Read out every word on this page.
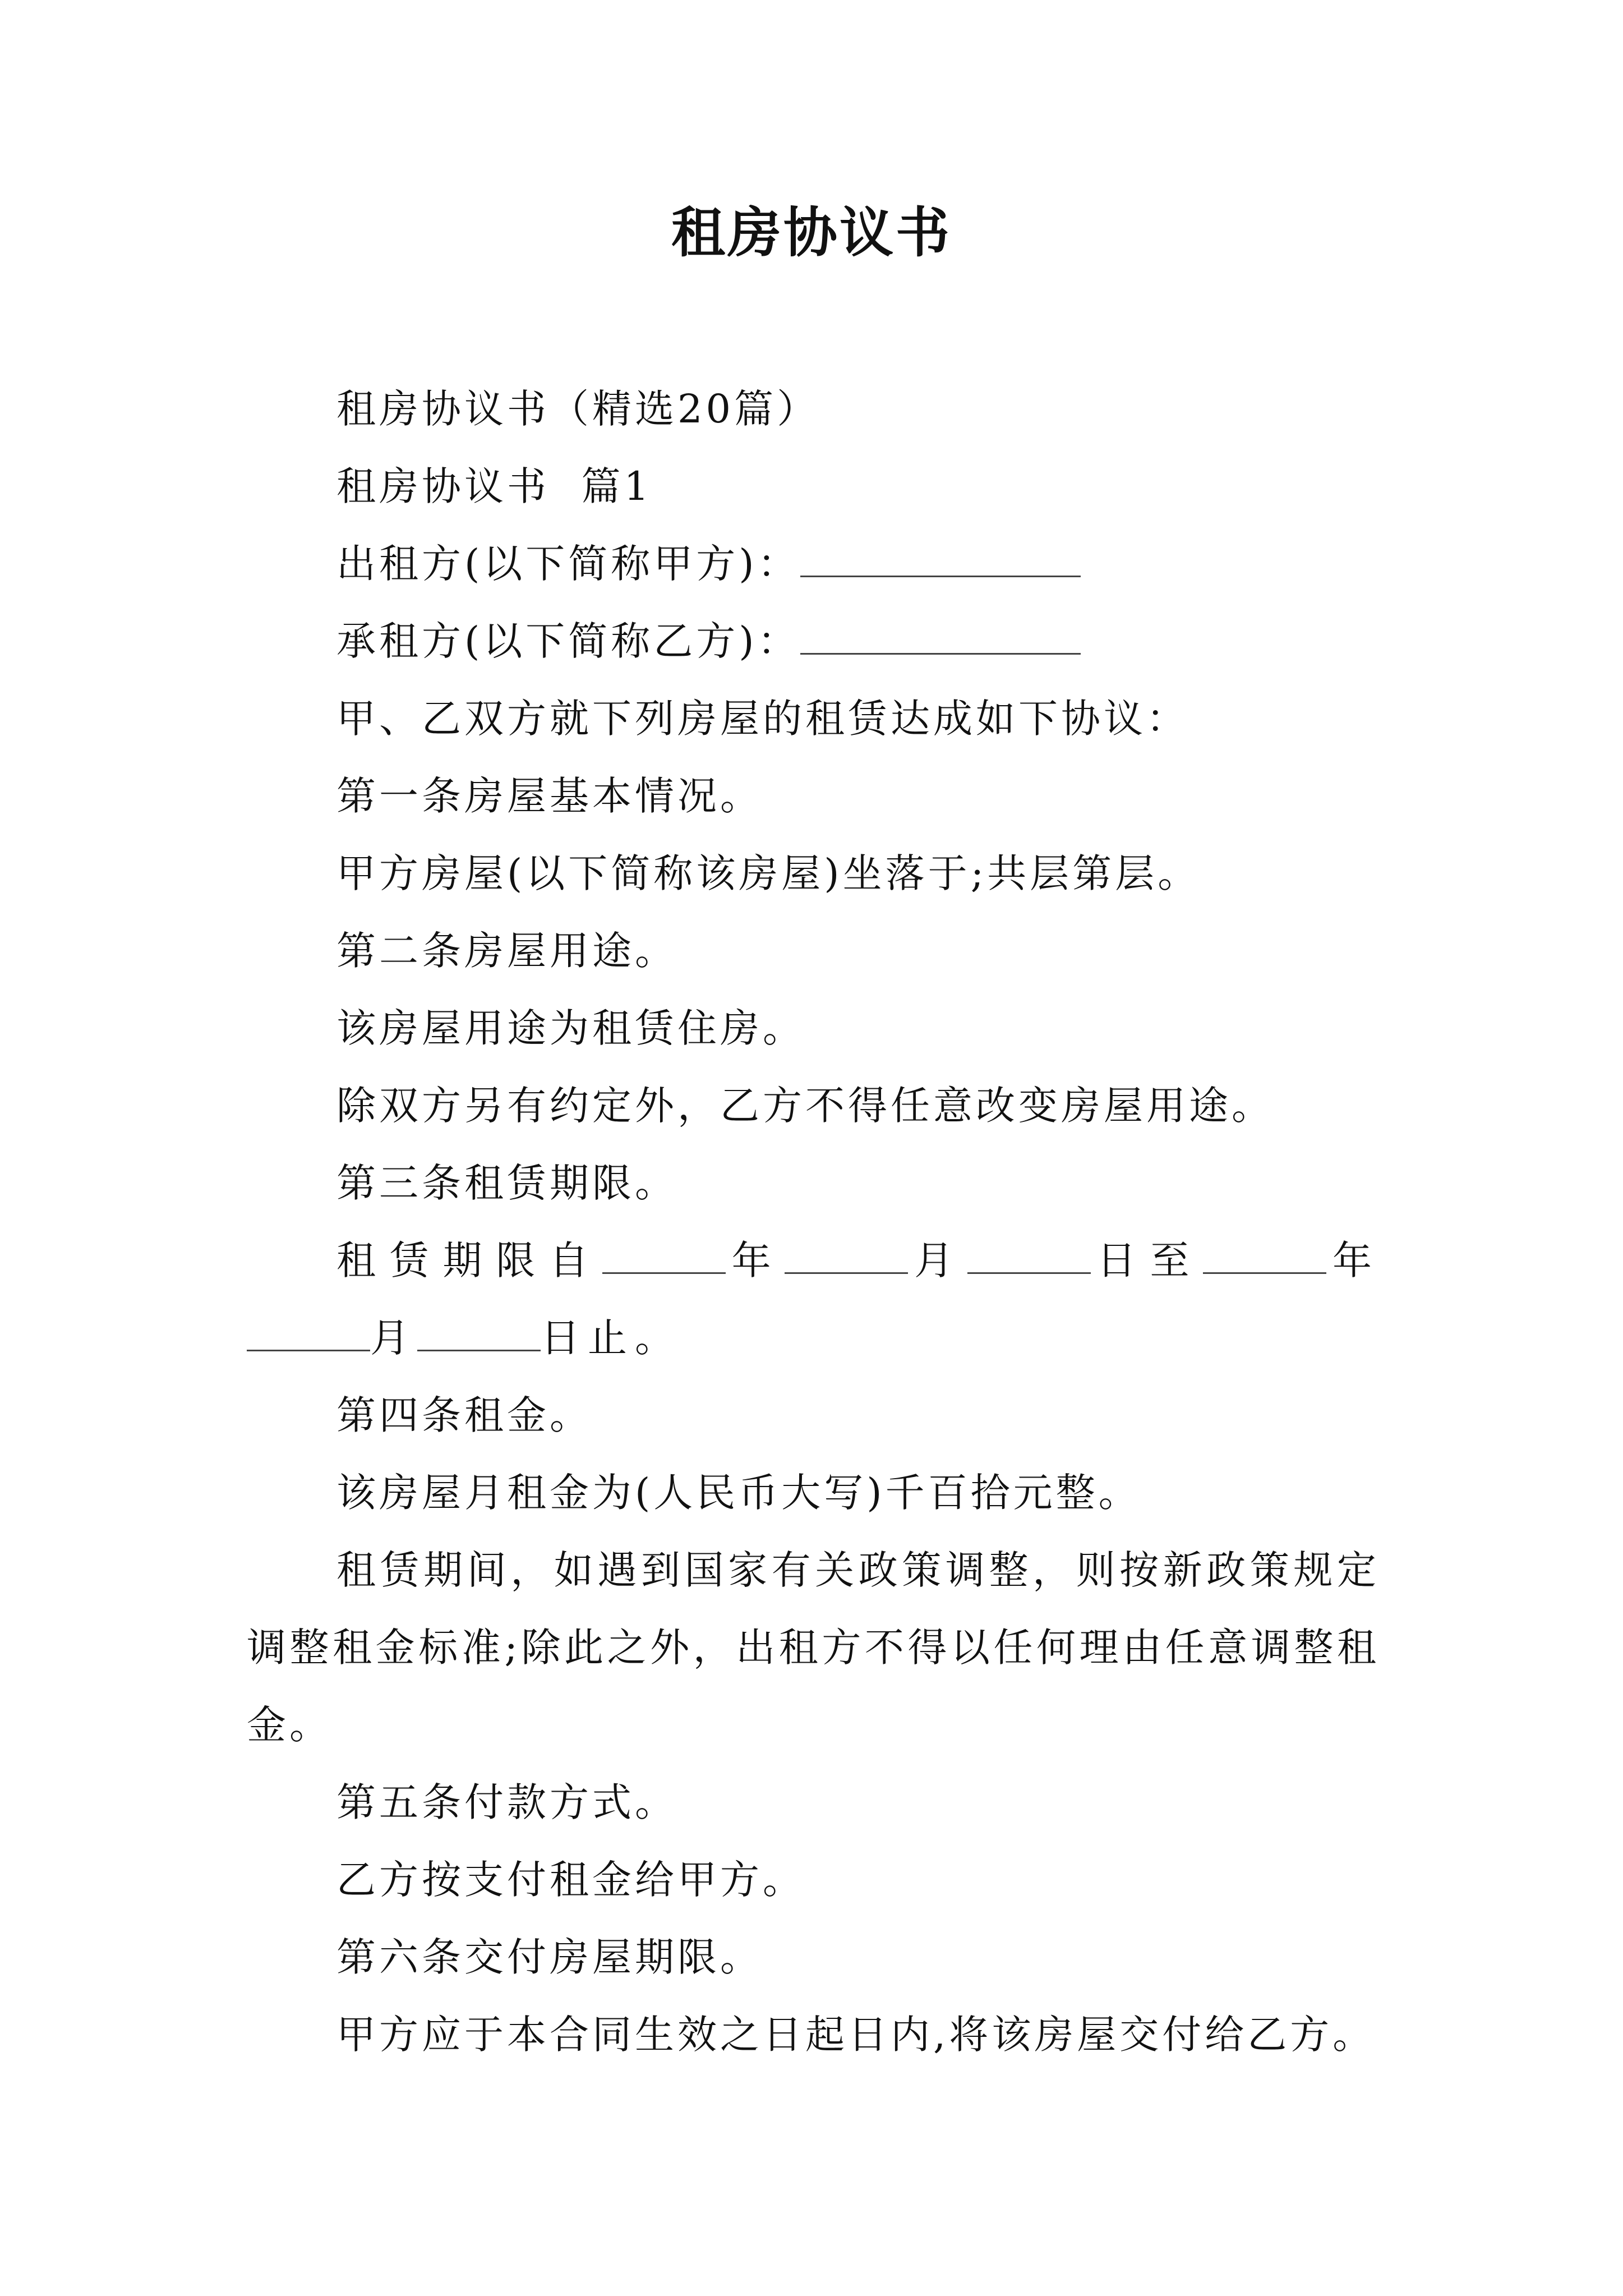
租房协议书

租房协议书（精选20篇）

租房协议书  篇1

出租方(以下简称甲方)：

承租方(以下简称乙方)：

甲、乙双方就下列房屋的租赁达成如下协议：

第一条房屋基本情况。

甲方房屋(以下简称该房屋)坐落于;共层第层。

第二条房屋用途。

该房屋用途为租赁住房。

除双方另有约定外，乙方不得任意改变房屋用途。

第三条租赁期限。

租赁期限自	年	月	日至	年 月	日止。

第四条租金。

该房屋月租金为(人民币大写)千百拾元整。

租赁期间，如遇到国家有关政策调整，则按新政策规定调整租金标准;除此之外，出租方不得以任何理由任意调整租金。

第五条付款方式。

乙方按支付租金给甲方。

第六条交付房屋期限。

甲方应于本合同生效之日起日内,将该房屋交付给乙方。
